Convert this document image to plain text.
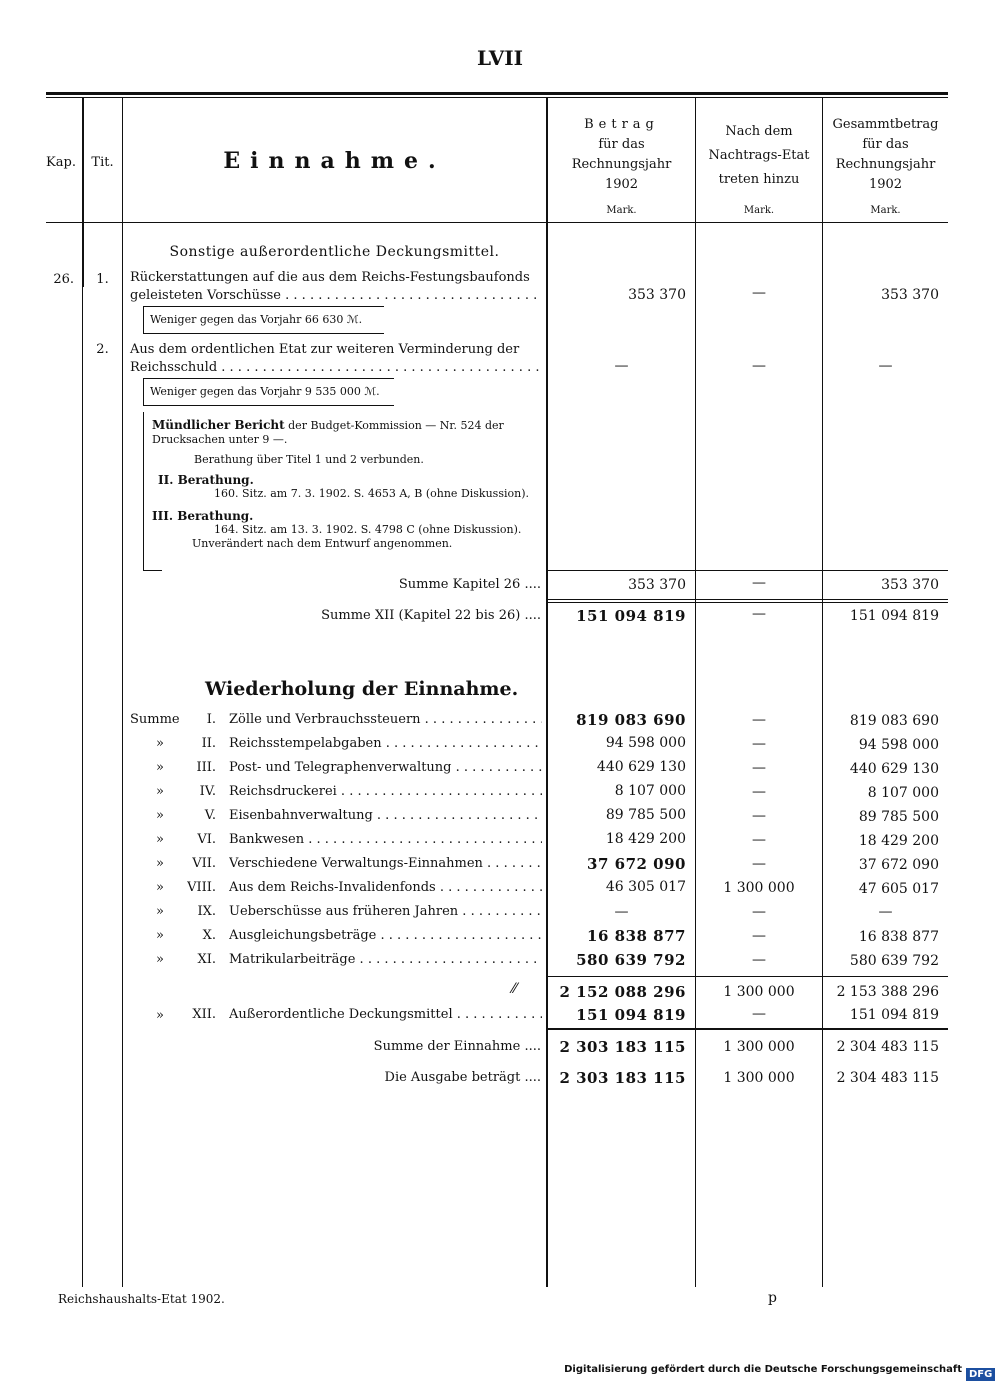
LVII
Kap.	Tit.	Einnahme.
Betrag
für das
Rechnungsjahr
1902
Nach dem
Nachtrags-Etat
treten hinzu
Gesammtbetrag
für das
Rechnungsjahr
1902
Mark.	Mark.	Mark.
Sonstige außerordentliche Deckungsmittel.
26.	1.	Rückerstattungen auf die aus dem Reichs-Festungsbaufonds
geleisteten Vorschüsse . . .	353 370	—	353 370
Weniger gegen das Vorjahr 66 630 ℳ.
2.	Aus dem ordentlichen Etat zur weiteren Verminderung der
Reichsschuld . . .	—	—	—
Weniger gegen das Vorjahr 9 535 000 ℳ.
Mündlicher Bericht der Budget-Kommission — Nr. 524 der
Drucksachen unter 9 —.
Berathung über Titel 1 und 2 verbunden.
II. Berathung.
160. Sitz. am 7. 3. 1902. S. 4653 A, B (ohne Diskussion).
III. Berathung.
164. Sitz. am 13. 3. 1902. S. 4798 C (ohne Diskussion).
Unverändert nach dem Entwurf angenommen.
Summe Kapitel 26 ....	353 370	—	353 370
Summe XII (Kapitel 22 bis 26) ....	151 094 819	—	151 094 819
Wiederholung der Einnahme.
Summe	I. Zölle und Verbrauchssteuern . . .	819 083 690	—	819 083 690
»	II. Reichsstempelabgaben . . .	94 598 000	—	94 598 000
»	III. Post- und Telegraphenverwaltung . . .	440 629 130	—	440 629 130
»	IV. Reichsdruckerei . . .	8 107 000	—	8 107 000
»	V. Eisenbahnverwaltung . . .	89 785 500	—	89 785 500
»	VI. Bankwesen . . .	18 429 200	—	18 429 200
»	VII. Verschiedene Verwaltungs-Einnahmen . . .	37 672 090	—	37 672 090
»	VIII. Aus dem Reichs-Invalidenfonds . . .	46 305 017	1 300 000	47 605 017
»	IX. Ueberschüsse aus früheren Jahren . . .	—	—	—
»	X. Ausgleichungsbeträge . . .	16 838 877	—	16 838 877
»	XI. Matrikularbeiträge . . .	580 639 792	—	580 639 792
⁄⁄	2 152 088 296	1 300 000	2 153 388 296
»	XII. Außerordentliche Deckungsmittel . . .	151 094 819	—	151 094 819
Summe der Einnahme ....	2 303 183 115	1 300 000	2 304 483 115
Die Ausgabe beträgt ....	2 303 183 115	1 300 000	2 304 483 115
Reichshaushalts-Etat 1902.	p
Digitalisierung gefördert durch die Deutsche Forschungsgemeinschaft DFG
